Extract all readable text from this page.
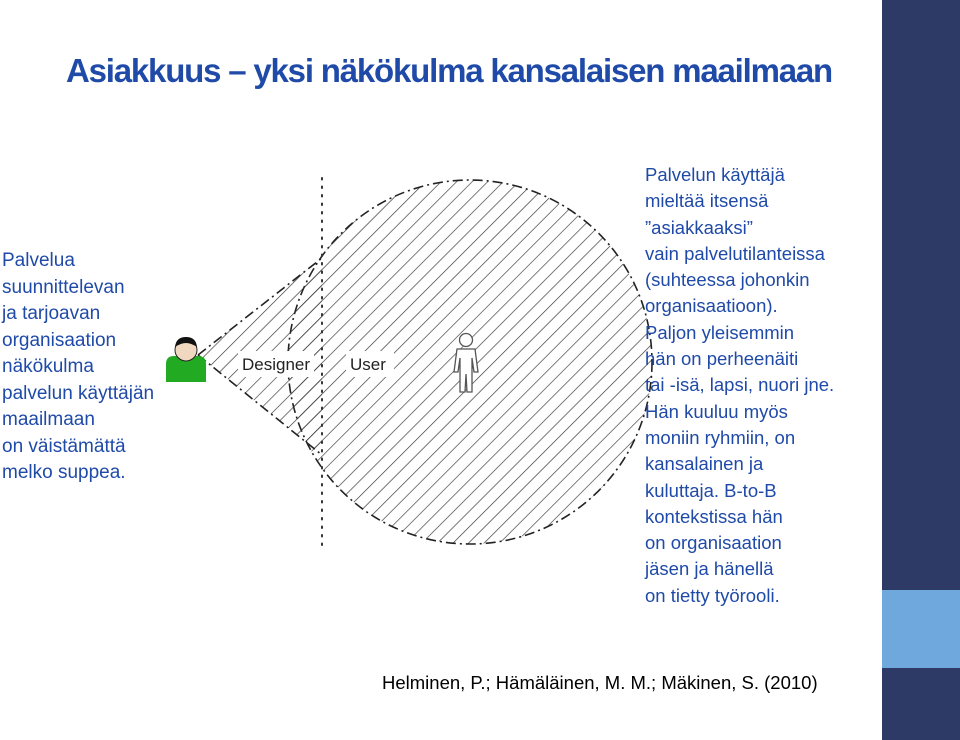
Asiakkuus – yksi näkökulma kansalaisen maailmaan
Palvelua
suunnittelevan
ja tarjoavan
organisaation
näkökulma
palvelun käyttäjän
maailmaan
on väistämättä
melko suppea.
Designer User
Palvelun käyttäjä
mieltää itsensä
”asiakkaaksi”
vain palvelutilanteissa
(suhteessa johonkin
organisaatioon).
Paljon yleisemmin
hän on perheenäiti
tai -isä, lapsi, nuori jne.
Hän kuuluu myös
moniin ryhmiin, on
kansalainen ja
kuluttaja. B-to-B
kontekstissa hän
on organisaation
jäsen ja hänellä
on tietty työrooli.
Helminen, P.; Hämäläinen, M. M.; Mäkinen, S. (2010)
